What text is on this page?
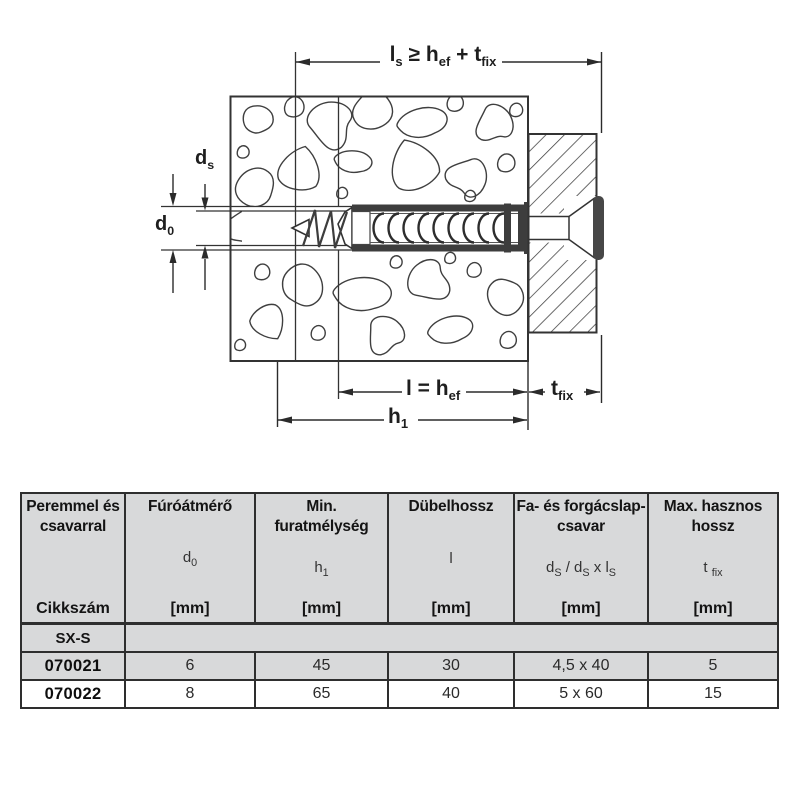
$l_s \ge h_{ef} + t_{fix}$
$d_s$
$d_0$
$l = h_{ef}$	$t_{fix}$
$h_1$
Peremmel és
csavarral
Cikkszám

Fúróátmérő
$d_0$
[mm]

Min.
furatmélység
$h_1$
[mm]

Dübelhossz
l
[mm]

Fa- és forgácslap-
csavar
$d_S / d_S$ x $l_S$
[mm]

Max. hasznos
hossz
t $_{fix}$
[mm]

SX-S					
070021	6	45	30	4,5 x 40	5
070022	8	65	40	5 x 60	15
